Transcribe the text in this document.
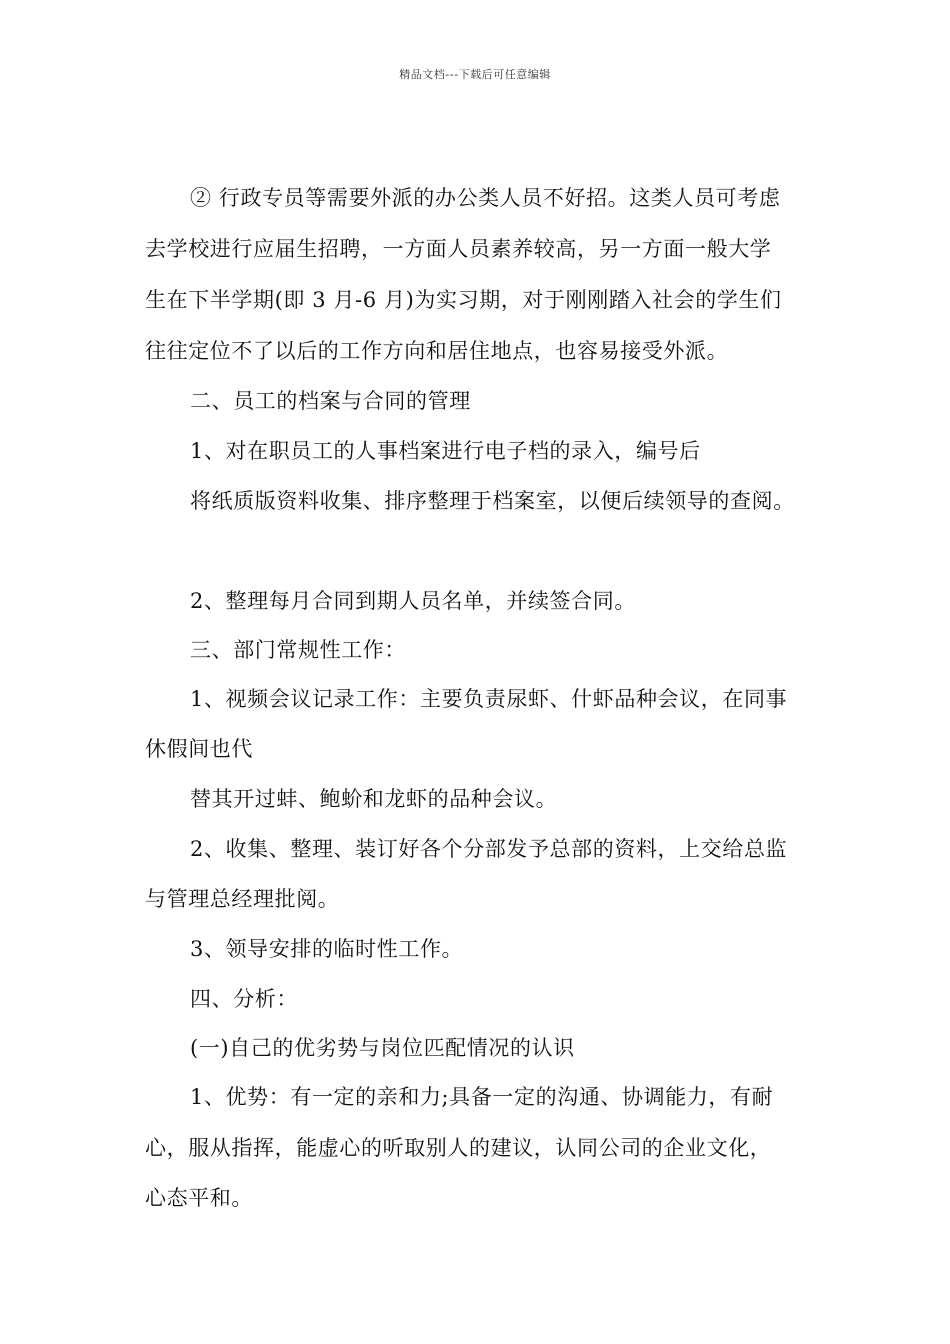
精品文档---下载后可任意编辑
② 行政专员等需要外派的办公类人员不好招。这类人员可考虑
去学校进行应届生招聘，一方面人员素养较高，另一方面一般大学
生在下半学期(即 3 月-6 月)为实习期，对于刚刚踏入社会的学生们
往往定位不了以后的工作方向和居住地点，也容易接受外派。
二、员工的档案与合同的管理
1、对在职员工的人事档案进行电子档的录入，编号后
将纸质版资料收集、排序整理于档案室，以便后续领导的查阅。
2、整理每月合同到期人员名单，并续签合同。
三、部门常规性工作：
1、视频会议记录工作：主要负责尿虾、什虾品种会议，在同事
休假间也代
替其开过蚌、鲍蚧和龙虾的品种会议。
2、收集、整理、装订好各个分部发予总部的资料，上交给总监
与管理总经理批阅。
3、领导安排的临时性工作。
四、分析：
(一)自己的优劣势与岗位匹配情况的认识
1、优势：有一定的亲和力;具备一定的沟通、协调能力，有耐
心，服从指挥，能虚心的听取别人的建议，认同公司的企业文化，
心态平和。
